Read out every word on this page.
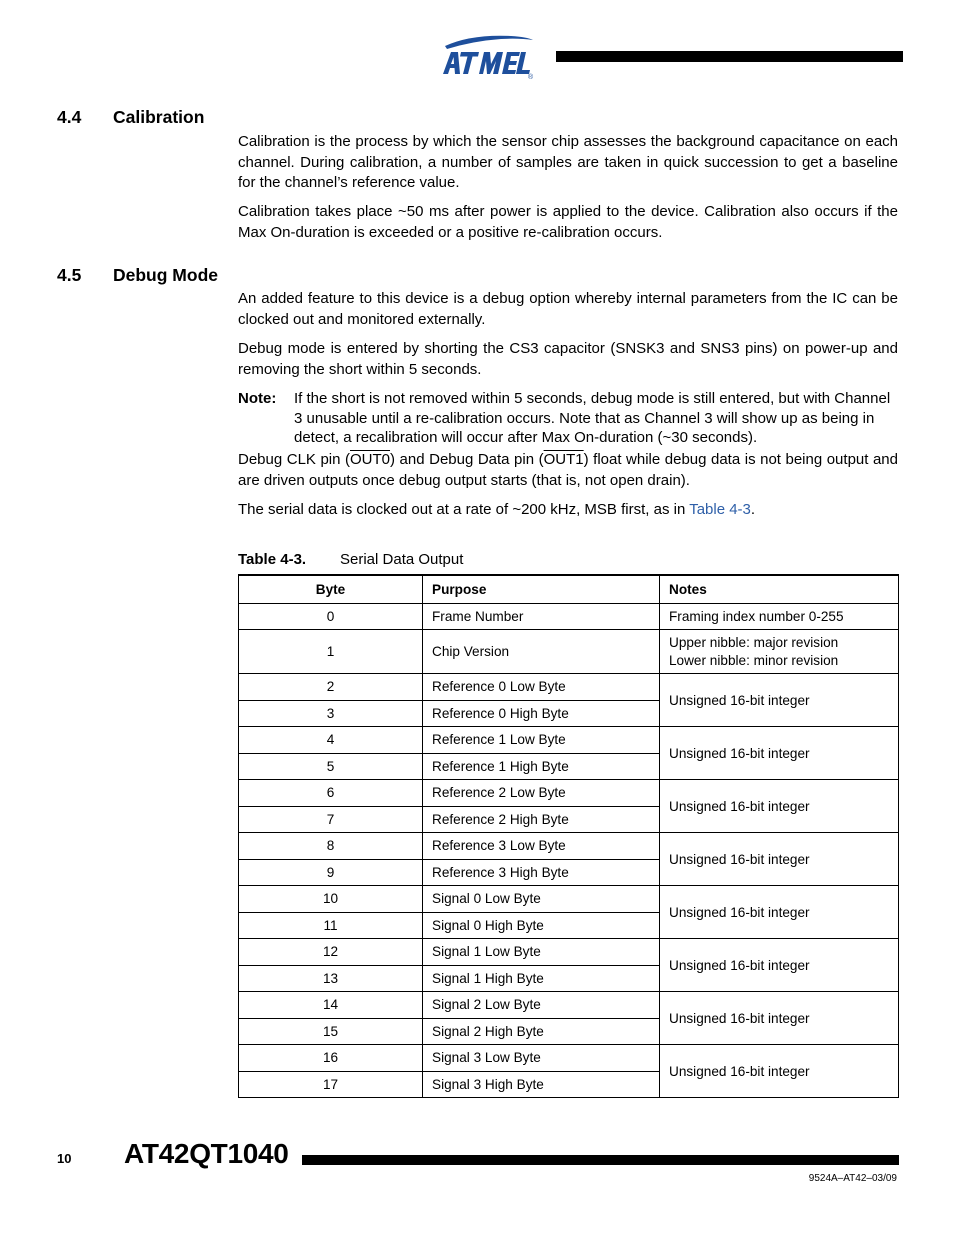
®
4.4 Calibration

Calibration is the process by which the sensor chip assesses the background capacitance on each channel. During calibration, a number of samples are taken in quick succession to get a baseline for the channel’s reference value.

Calibration takes place ~50 ms after power is applied to the device. Calibration also occurs if the Max On-duration is exceeded or a positive re-calibration occurs.

4.5 Debug Mode

An added feature to this device is a debug option whereby internal parameters from the IC can be clocked out and monitored externally.

Debug mode is entered by shorting the CS3 capacitor (SNSK3 and SNS3 pins) on power-up and removing the short within 5 seconds.

Note: If the short is not removed within 5 seconds, debug mode is still entered, but with Channel 3 unusable until a re-calibration occurs. Note that as Channel 3 will show up as being in detect, a recalibration will occur after Max On-duration (~30 seconds).

Debug CLK pin (OUT0) and Debug Data pin (OUT1) float while debug data is not being output and are driven outputs once debug output starts (that is, not open drain).

The serial data is clocked out at a rate of ~200 kHz, MSB first, as in Table 4-3.

Table 4-3. Serial Data Output
Byte	Purpose	Notes
0	Frame Number	Framing index number 0-255
1	Chip Version	Upper nibble: major revision
Lower nibble: minor revision
2	Reference 0 Low Byte	Unsigned 16-bit integer
3	Reference 0 High Byte	
4	Reference 1 Low Byte	Unsigned 16-bit integer
5	Reference 1 High Byte	
6	Reference 2 Low Byte	Unsigned 16-bit integer
7	Reference 2 High Byte	
8	Reference 3 Low Byte	Unsigned 16-bit integer
9	Reference 3 High Byte	
10	Signal 0 Low Byte	Unsigned 16-bit integer
11	Signal 0 High Byte	
12	Signal 1 Low Byte	Unsigned 16-bit integer
13	Signal 1 High Byte	
14	Signal 2 Low Byte	Unsigned 16-bit integer
15	Signal 2 High Byte	
16	Signal 3 Low Byte	Unsigned 16-bit integer
17	Signal 3 High Byte	
10 AT42QT1040
9524A–AT42–03/09
